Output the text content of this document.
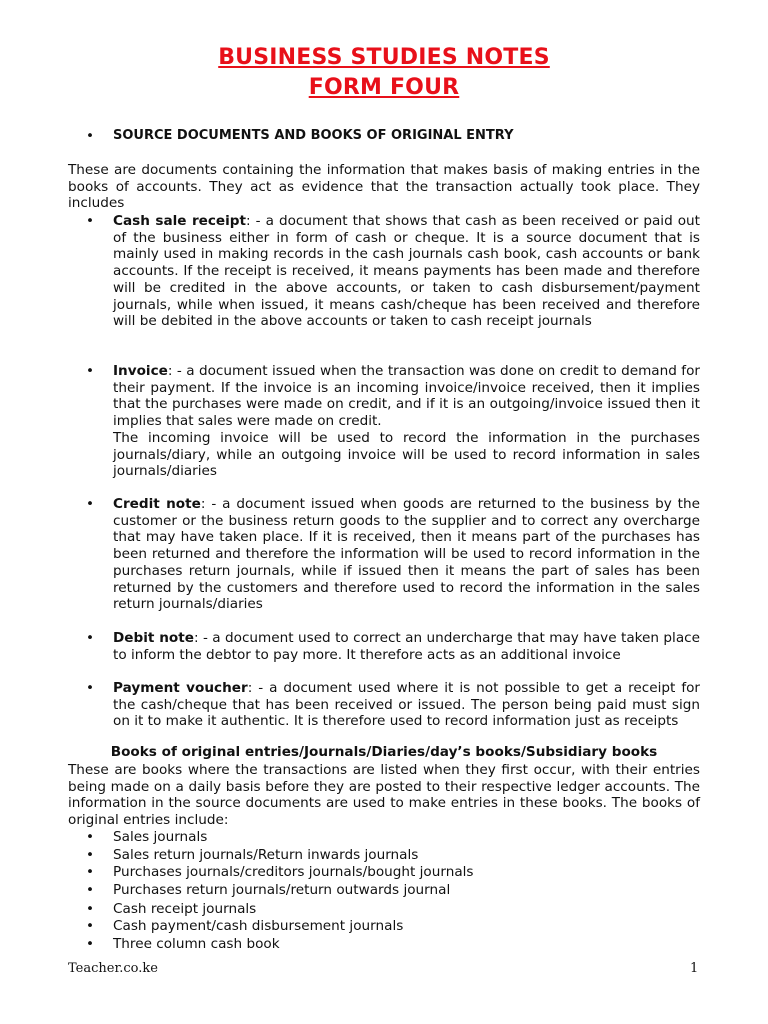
BUSINESS STUDIES NOTES
FORM FOUR
• SOURCE DOCUMENTS AND BOOKS OF ORIGINAL ENTRY
These are documents containing the information that makes basis of making entries in the books of accounts. They act as evidence that the transaction actually took place. They includes
• Cash sale receipt: - a document that shows that cash as been received or paid out of the business either in form of cash or cheque. It is a source document that is mainly used in making records in the cash journals cash book, cash accounts or bank accounts. If the receipt is received, it means payments has been made and therefore will be credited in the above accounts, or taken to cash disbursement/payment journals, while when issued, it means cash/cheque has been received and therefore will be debited in the above accounts or taken to cash receipt journals
• Invoice: - a document issued when the transaction was done on credit to demand for their payment. If the invoice is an incoming invoice/invoice received, then it implies that the purchases were made on credit, and if it is an outgoing/invoice issued then it implies that sales were made on credit.
The incoming invoice will be used to record the information in the purchases journals/diary, while an outgoing invoice will be used to record information in sales journals/diaries
• Credit note: - a document issued when goods are returned to the business by the customer or the business return goods to the supplier and to correct any overcharge that may have taken place. If it is received, then it means part of the purchases has been returned and therefore the information will be used to record information in the purchases return journals, while if issued then it means the part of sales has been returned by the customers and therefore used to record the information in the sales return journals/diaries
• Debit note: - a document used to correct an undercharge that may have taken place to inform the debtor to pay more. It therefore acts as an additional invoice
• Payment voucher: - a document used where it is not possible to get a receipt for the cash/cheque that has been received or issued. The person being paid must sign on it to make it authentic. It is therefore used to record information just as receipts
Books of original entries/Journals/Diaries/day’s books/Subsidiary books
These are books where the transactions are listed when they first occur, with their entries being made on a daily basis before they are posted to their respective ledger accounts. The information in the source documents are used to make entries in these books. The books of original entries include:
• Sales journals
• Sales return journals/Return inwards journals
• Purchases journals/creditors journals/bought journals
• Purchases return journals/return outwards journal
• Cash receipt journals
• Cash payment/cash disbursement journals
• Three column cash book
Teacher.co.ke	1
